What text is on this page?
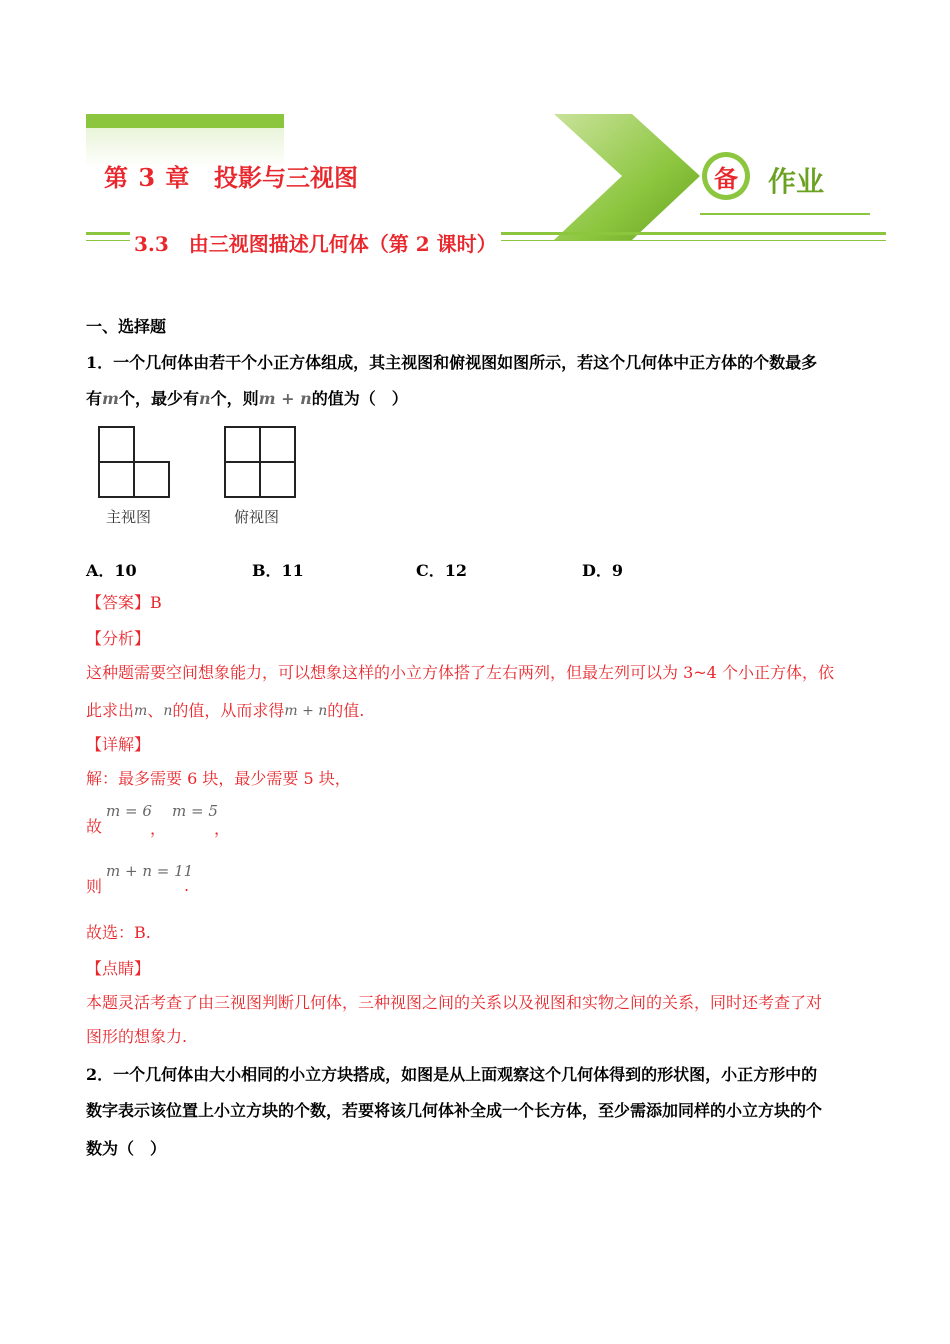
备 作业
第 3 章 投影与三视图
3.3　由三视图描述几何体（第 2 课时）
一、选择题
1．一个几何体由若干个小正方体组成，其主视图和俯视图如图所示，若这个几何体中正方体的个数最多
有m个，最少有n个，则m + n的值为（　）
主视图	俯视图
A．10	B．11	C．12	D．9
【答案】B
【分析】
这种题需要空间想象能力，可以想象这样的小立方体搭了左右两列，但最左列可以为 3~4 个小正方体，依
此求出m、n的值，从而求得m + n的值.
【详解】
解：最多需要 6 块，最少需要 5 块，
故
m = 6
，
m = 5
，
则
m + n = 11
.
故选：B.
【点睛】
本题灵活考查了由三视图判断几何体，三种视图之间的关系以及视图和实物之间的关系，同时还考查了对
图形的想象力.
2．一个几何体由大小相同的小立方块搭成，如图是从上面观察这个几何体得到的形状图，小正方形中的
数字表示该位置上小立方块的个数，若要将该几何体补全成一个长方体，至少需添加同样的小立方块的个
数为（　）
